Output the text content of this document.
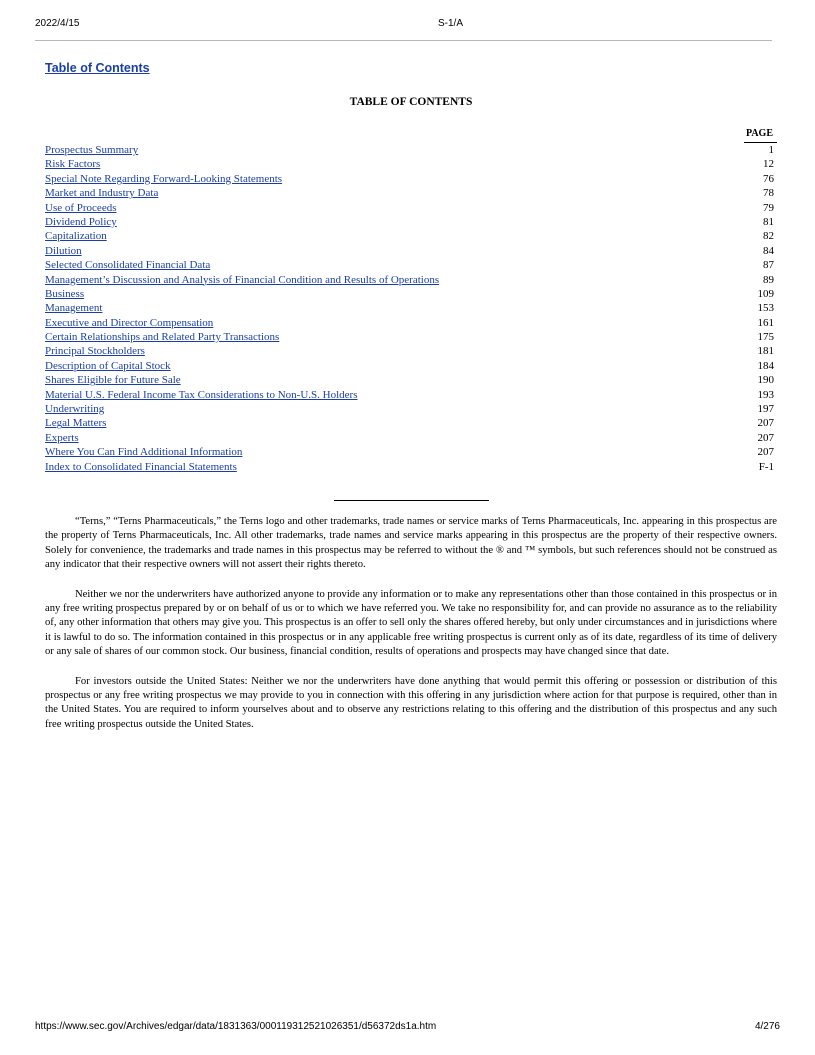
2022/4/15	S-1/A
Table of Contents
TABLE OF CONTENTS
PAGE
Prospectus Summary	1
Risk Factors	12
Special Note Regarding Forward-Looking Statements	76
Market and Industry Data	78
Use of Proceeds	79
Dividend Policy	81
Capitalization	82
Dilution	84
Selected Consolidated Financial Data	87
Management’s Discussion and Analysis of Financial Condition and Results of Operations	89
Business	109
Management	153
Executive and Director Compensation	161
Certain Relationships and Related Party Transactions	175
Principal Stockholders	181
Description of Capital Stock	184
Shares Eligible for Future Sale	190
Material U.S. Federal Income Tax Considerations to Non-U.S. Holders	193
Underwriting	197
Legal Matters	207
Experts	207
Where You Can Find Additional Information	207
Index to Consolidated Financial Statements	F-1

“Terns,” “Terns Pharmaceuticals,” the Terns logo and other trademarks, trade names or service marks of Terns Pharmaceuticals, Inc. appearing in this prospectus are the property of Terns Pharmaceuticals, Inc. All other trademarks, trade names and service marks appearing in this prospectus are the property of their respective owners. Solely for convenience, the trademarks and trade names in this prospectus may be referred to without the ® and ™ symbols, but such references should not be construed as any indicator that their respective owners will not assert their rights thereto.

Neither we nor the underwriters have authorized anyone to provide any information or to make any representations other than those contained in this prospectus or in any free writing prospectus prepared by or on behalf of us or to which we have referred you. We take no responsibility for, and can provide no assurance as to the reliability of, any other information that others may give you. This prospectus is an offer to sell only the shares offered hereby, but only under circumstances and in jurisdictions where it is lawful to do so. The information contained in this prospectus or in any applicable free writing prospectus is current only as of its date, regardless of its time of delivery or any sale of shares of our common stock. Our business, financial condition, results of operations and prospects may have changed since that date.

For investors outside the United States: Neither we nor the underwriters have done anything that would permit this offering or possession or distribution of this prospectus or any free writing prospectus we may provide to you in connection with this offering in any jurisdiction where action for that purpose is required, other than in the United States. You are required to inform yourselves about and to observe any restrictions relating to this offering and the distribution of this prospectus and any such free writing prospectus outside the United States.

https://www.sec.gov/Archives/edgar/data/1831363/000119312521026351/d56372ds1a.htm	4/276
